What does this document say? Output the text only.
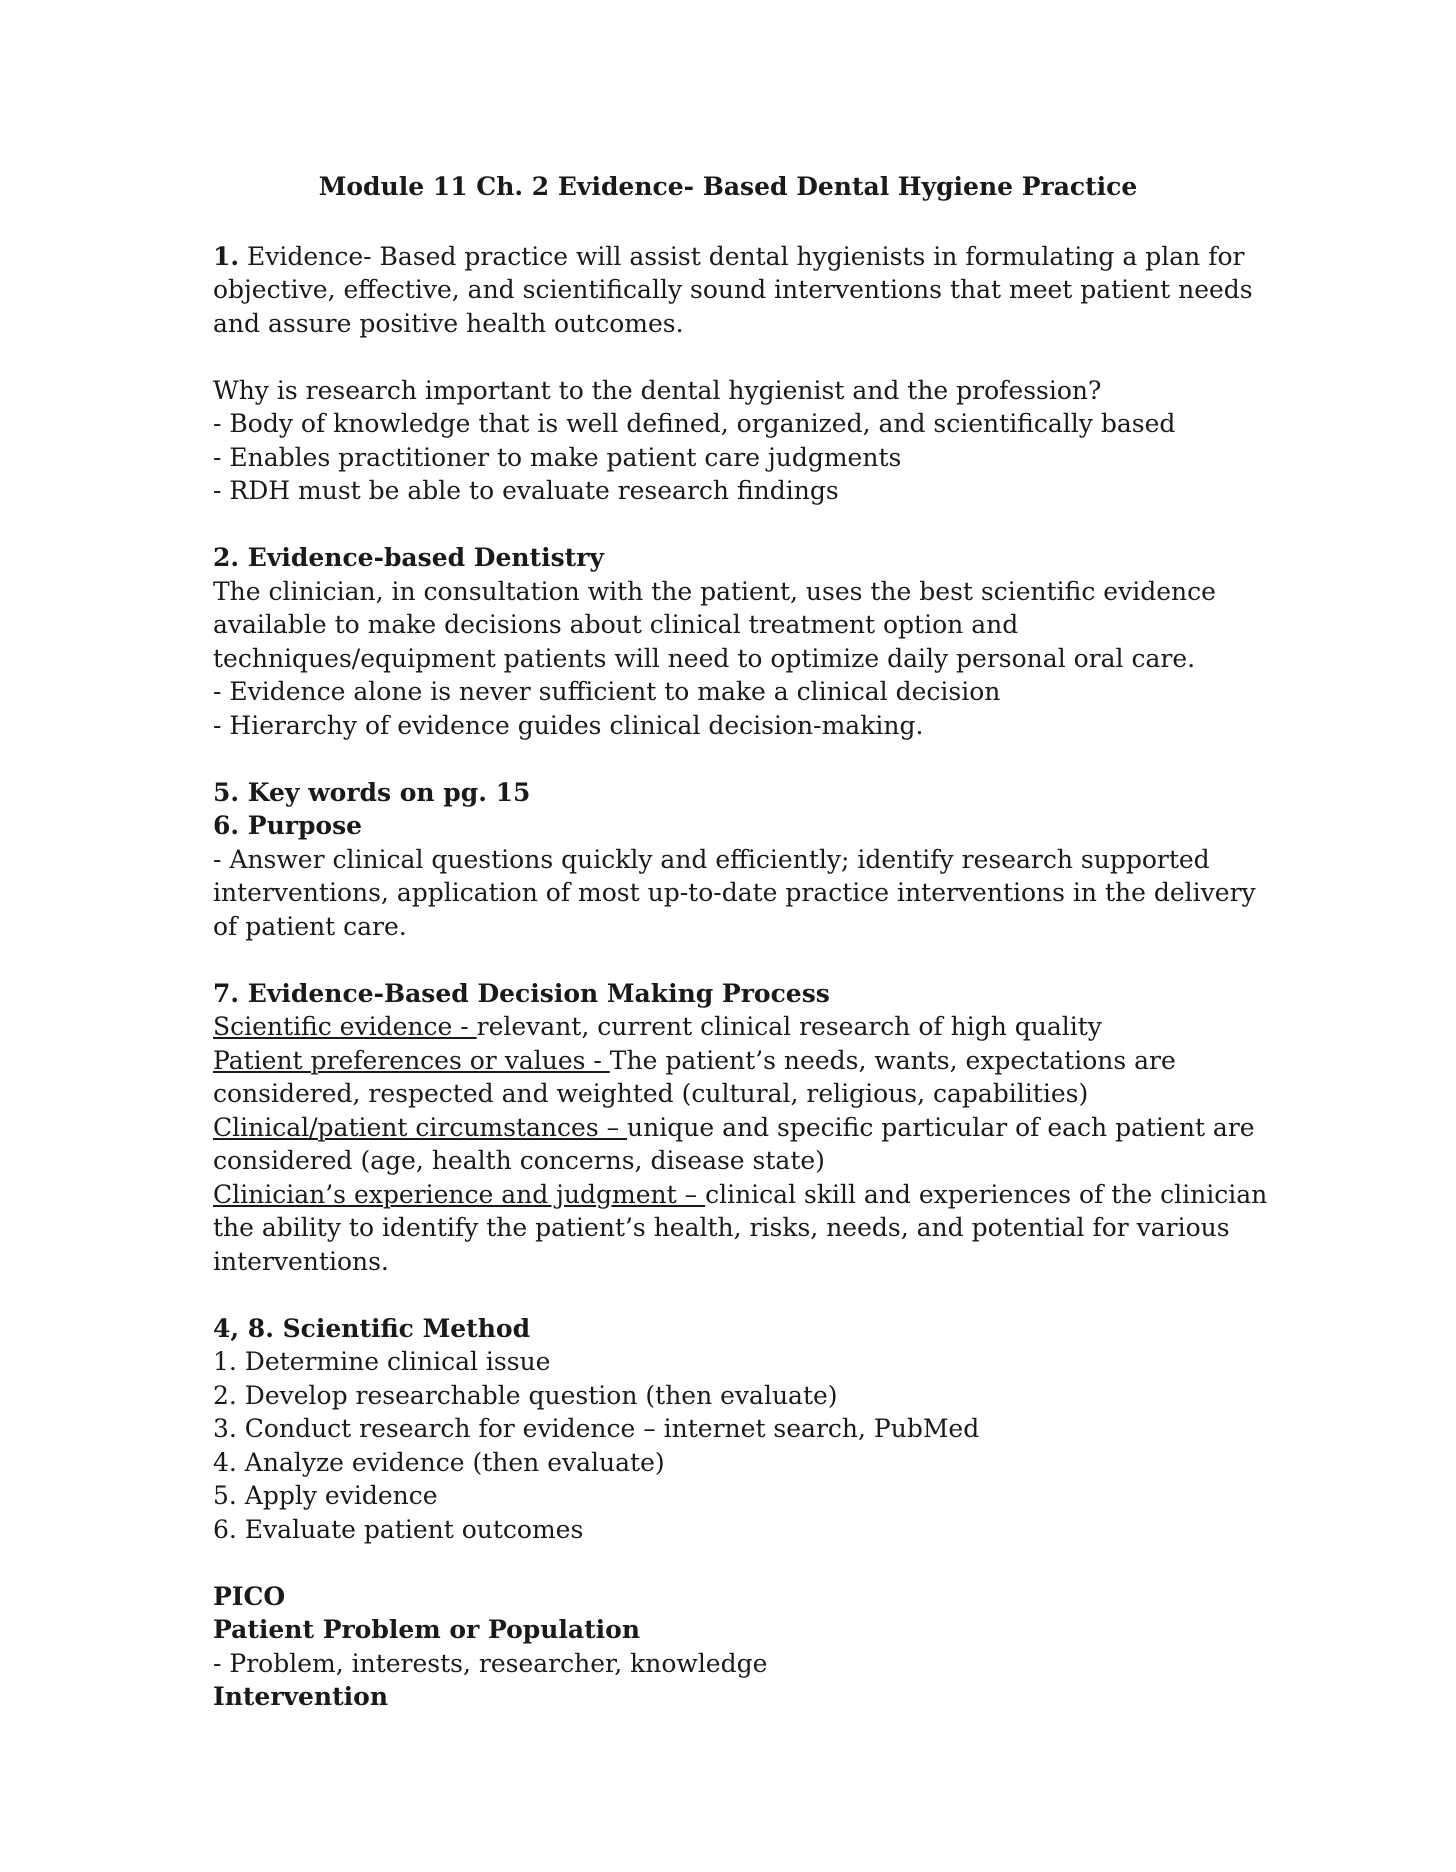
Module 11 Ch. 2 Evidence- Based Dental Hygiene Practice

1. Evidence- Based practice will assist dental hygienists in formulating a plan for

objective, effective, and scientifically sound interventions that meet patient needs

and assure positive health outcomes.

Why is research important to the dental hygienist and the profession?

- Body of knowledge that is well defined, organized, and scientifically based

- Enables practitioner to make patient care judgments

- RDH must be able to evaluate research findings

2. Evidence-based Dentistry

The clinician, in consultation with the patient, uses the best scientific evidence

available to make decisions about clinical treatment option and

techniques/equipment patients will need to optimize daily personal oral care.

- Evidence alone is never sufficient to make a clinical decision

- Hierarchy of evidence guides clinical decision-making.

5. Key words on pg. 15

6. Purpose

- Answer clinical questions quickly and efficiently; identify research supported

interventions, application of most up-to-date practice interventions in the delivery

of patient care.

7. Evidence-Based Decision Making Process

Scientific evidence - relevant, current clinical research of high quality

Patient preferences or values - The patient’s needs, wants, expectations are

considered, respected and weighted (cultural, religious, capabilities)

Clinical/patient circumstances – unique and specific particular of each patient are

considered (age, health concerns, disease state)

Clinician’s experience and judgment – clinical skill and experiences of the clinician

the ability to identify the patient’s health, risks, needs, and potential for various

interventions.

4, 8. Scientific Method

1. Determine clinical issue

2. Develop researchable question (then evaluate)

3. Conduct research for evidence – internet search, PubMed

4. Analyze evidence (then evaluate)

5. Apply evidence

6. Evaluate patient outcomes

PICO

Patient Problem or Population

- Problem, interests, researcher, knowledge

Intervention
